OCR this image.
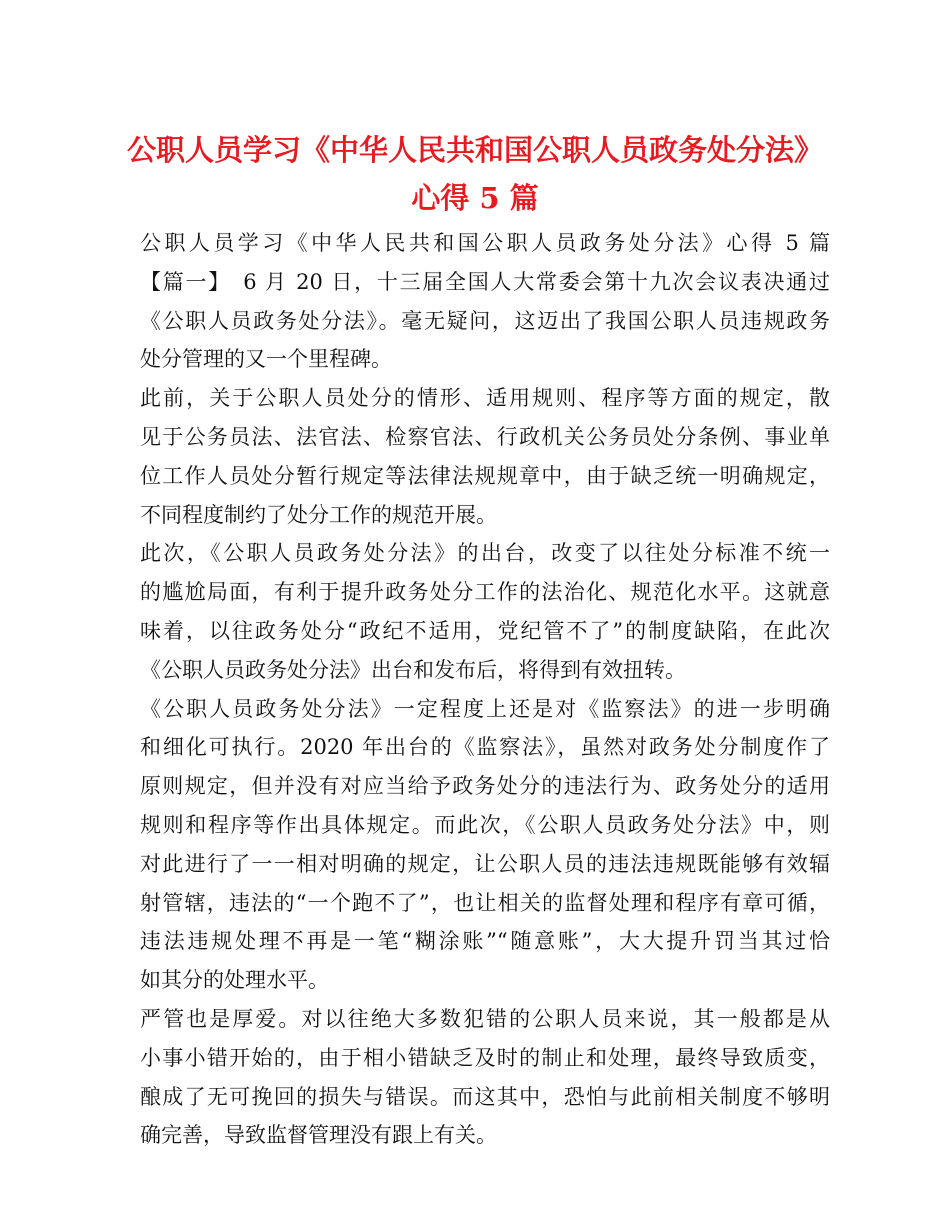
公职人员学习《中华人民共和国公职人员政务处分法》
心得 5 篇
公职人员学习《中华人民共和国公职人员政务处分法》心得 5 篇
【篇一】　6 月 20 日，十三届全国人大常委会第十九次会议表决通过
《公职人员政务处分法》。毫无疑问，这迈出了我国公职人员违规政务
处分管理的又一个里程碑。
此前，关于公职人员处分的情形、适用规则、程序等方面的规定，散
见于公务员法、法官法、检察官法、行政机关公务员处分条例、事业单
位工作人员处分暂行规定等法律法规规章中，由于缺乏统一明确规定，
不同程度制约了处分工作的规范开展。
此次，《公职人员政务处分法》的出台，改变了以往处分标准不统一
的尴尬局面，有利于提升政务处分工作的法治化、规范化水平。这就意
味着，以往政务处分“政纪不适用，党纪管不了”的制度缺陷，在此次
《公职人员政务处分法》出台和发布后，将得到有效扭转。
《公职人员政务处分法》一定程度上还是对《监察法》的进一步明确
和细化可执行。2020 年出台的《监察法》，虽然对政务处分制度作了
原则规定，但并没有对应当给予政务处分的违法行为、政务处分的适用
规则和程序等作出具体规定。而此次，《公职人员政务处分法》中，则
对此进行了一一相对明确的规定，让公职人员的违法违规既能够有效辐
射管辖，违法的“一个跑不了”，也让相关的监督处理和程序有章可循，
违法违规处理不再是一笔“糊涂账”“随意账”，大大提升罚当其过恰
如其分的处理水平。
严管也是厚爱。对以往绝大多数犯错的公职人员来说，其一般都是从
小事小错开始的，由于相小错缺乏及时的制止和处理，最终导致质变，
酿成了无可挽回的损失与错误。而这其中，恐怕与此前相关制度不够明
确完善，导致监督管理没有跟上有关。
